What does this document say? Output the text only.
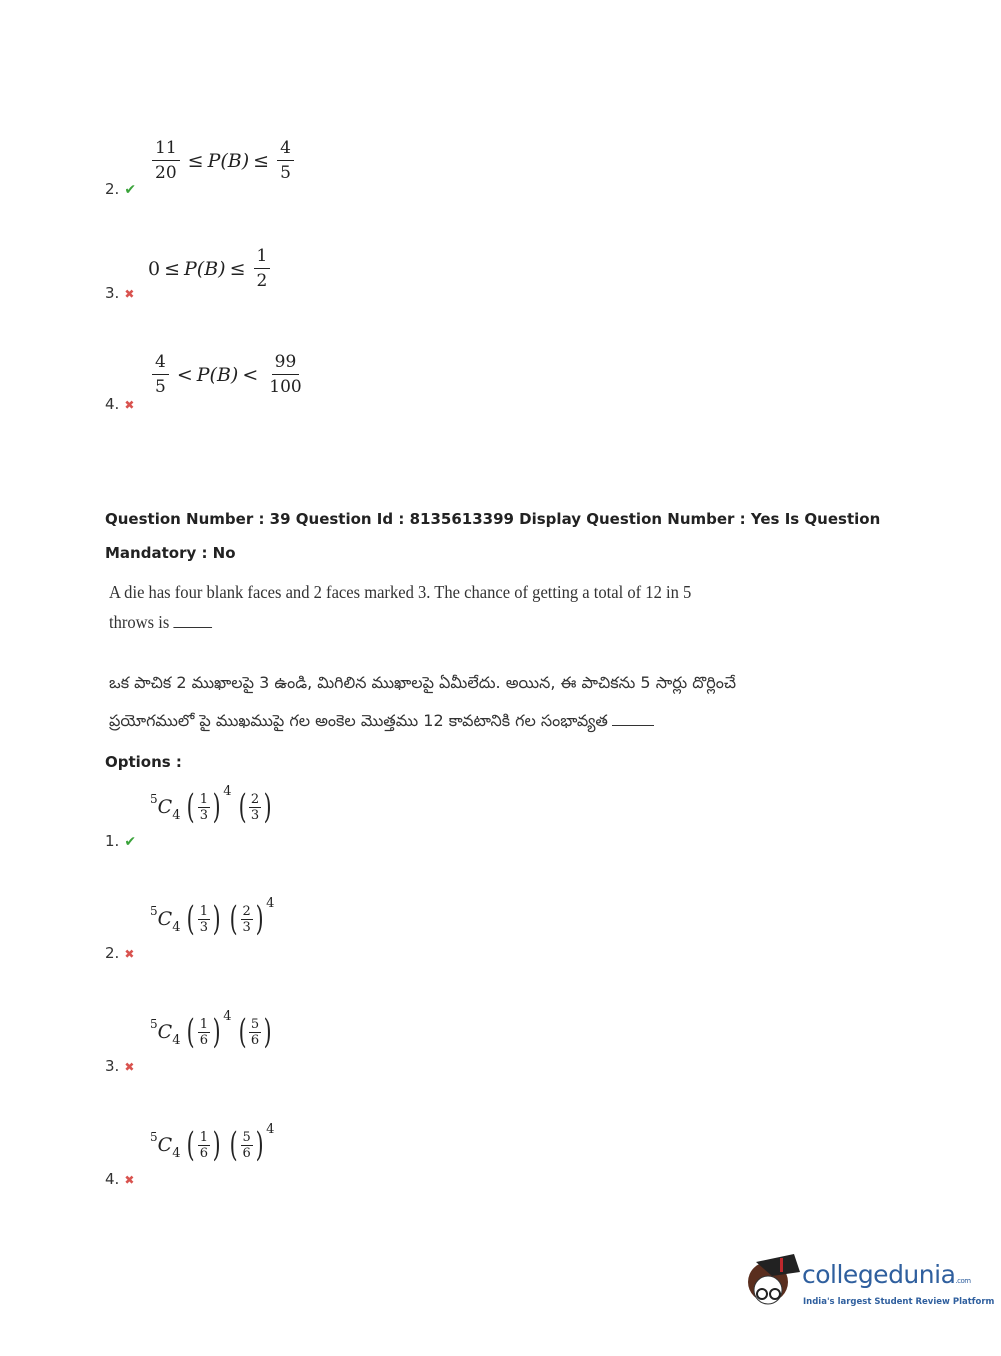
Question Number : 39 Question Id : 8135613399 Display Question Number : Yes Is Question
Mandatory : No
A die has four blank faces and 2 faces marked 3. The chance of getting a total of 12 in 5
throws is
ఒక పాచిక 2 ముఖాలపై 3 ఉండి, మిగిలిన ముఖాలపై ఏమీలేదు. అయిన, ఈ పాచికను 5 సార్లు దొర్లించే
ప్రయోగములో పై ముఖముపై గల అంకెల మొత్తము 12 కావటానికి గల సంభావ్యత
Options :
collegedunia.com
India's largest Student Review Platform
2. ✔
$\frac{11}{20} \le P(B) \le \frac{4}{5}$
3. ✖
$0 \le P(B) \le \frac{1}{2}$
4. ✖
$\frac{4}{5} < P(B) < \frac{99}{100}$
1. ✔
5 C 4 ( $\frac{1}{3} )^4$ ( $\frac{2}{3}$ )
2. ✖
5 C 4 ( $\frac{1}{3}$ ) ( $\frac{2}{3} )^4$
3. ✖
5 C 4 ( $\frac{1}{6} )^4$ ( $\frac{5}{6}$ )
4. ✖
5 C 4 ( $\frac{1}{6}$ ) ( $\frac{5}{6} )^4$
